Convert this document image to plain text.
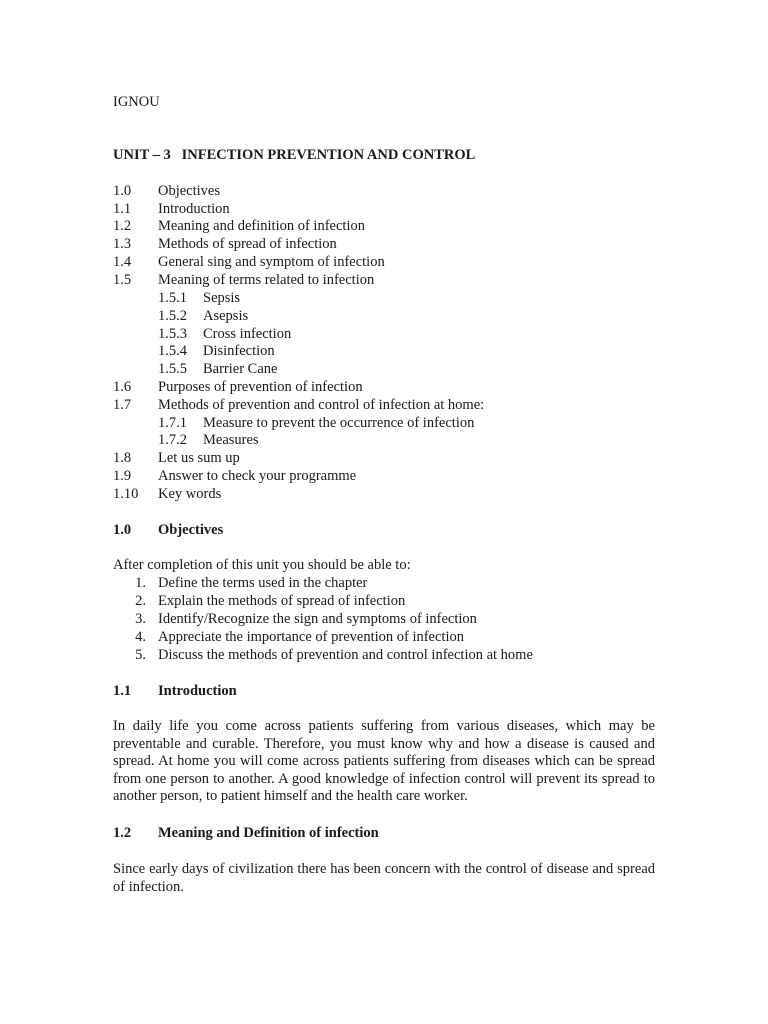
IGNOU
UNIT – 3   INFECTION PREVENTION AND CONTROL
1.0 Objectives
1.1 Introduction
1.2 Meaning and definition of infection
1.3 Methods of spread of infection
1.4 General sing and symptom of infection
1.5 Meaning of terms related to infection
1.5.1 Sepsis
1.5.2 Asepsis
1.5.3 Cross infection
1.5.4 Disinfection
1.5.5 Barrier Cane
1.6 Purposes of prevention of infection
1.7 Methods of prevention and control of infection at home:
1.7.1 Measure to prevent the occurrence of infection
1.7.2 Measures
1.8 Let us sum up
1.9 Answer to check your programme
1.10 Key words
1.0 Objectives
After completion of this unit you should be able to:
1. Define the terms used in the chapter
2. Explain the methods of spread of infection
3. Identify/Recognize the sign and symptoms of infection
4. Appreciate the importance of prevention of infection
5. Discuss the methods of prevention and control infection at home
1.1 Introduction
In daily life you come across patients suffering from various diseases, which may be preventable and curable. Therefore, you must know why and how a disease is caused and spread. At home you will come across patients suffering from diseases which can be spread from one person to another. A good knowledge of infection control will prevent its spread to another person, to patient himself and the health care worker.
1.2 Meaning and Definition of infection
Since early days of civilization there has been concern with the control of disease and spread of infection.
